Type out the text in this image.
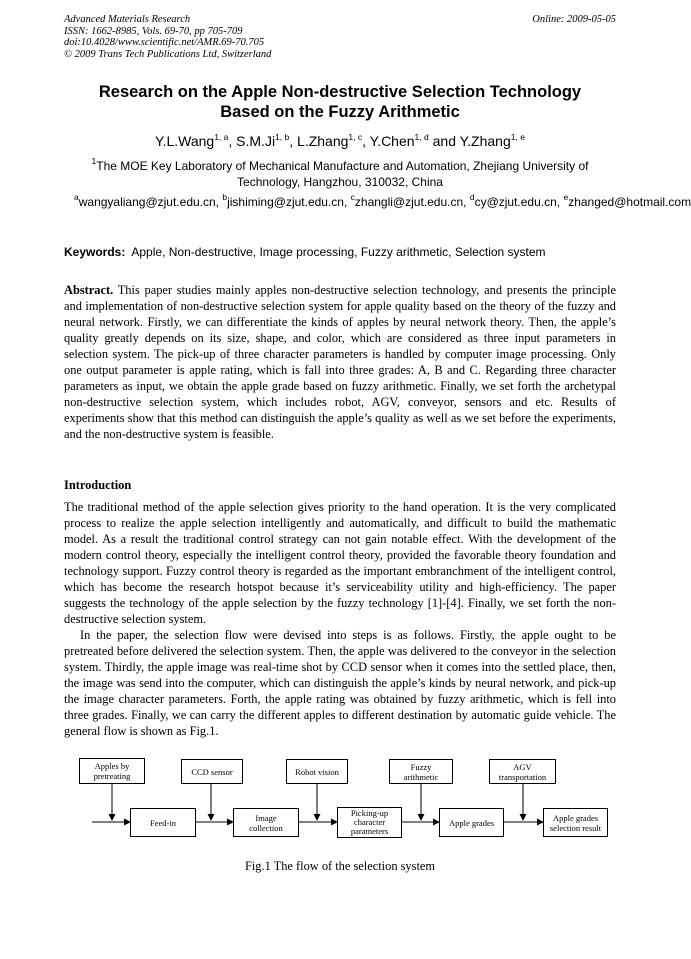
Advanced Materials Research
ISSN: 1662-8985, Vols. 69-70, pp 705-709
doi:10.4028/www.scientific.net/AMR.69-70.705
© 2009 Trans Tech Publications Ltd, Switzerland
Online: 2009-05-05
Research on the Apple Non-destructive Selection Technology
Based on the Fuzzy Arithmetic
Y.L.Wang$^{1, a}$, S.M.Ji$^{1, b}$, L.Zhang$^{1, c}$, Y.Chen$^{1, d}$ and Y.Zhang$^{1, e}$
$^1$The MOE Key Laboratory of Mechanical Manufacture and Automation, Zhejiang University of Technology, Hangzhou, 310032, China
$^a$wangyaliang@zjut.edu.cn, $^b$jishiming@zjut.edu.cn, $^c$zhangli@zjut.edu.cn, $^d$cy@zjut.edu.cn, $^e$zhanged@hotmail.com
Keywords: Apple, Non-destructive, Image processing, Fuzzy arithmetic, Selection system
Abstract. This paper studies mainly apples non-destructive selection technology, and presents the principle and implementation of non-destructive selection system for apple quality based on the theory of the fuzzy and neural network. Firstly, we can differentiate the kinds of apples by neural network theory. Then, the apple’s quality greatly depends on its size, shape, and color, which are considered as three input parameters in selection system. The pick-up of three character parameters is handled by computer image processing. Only one output parameter is apple rating, which is fall into three grades: A, B and C. Regarding three character parameters as input, we obtain the apple grade based on fuzzy arithmetic. Finally, we set forth the archetypal non-destructive selection system, which includes robot, AGV, conveyor, sensors and etc. Results of experiments show that this method can distinguish the apple’s quality as well as we set before the experiments, and the non-destructive system is feasible.
Introduction
The traditional method of the apple selection gives priority to the hand operation. It is the very complicated process to realize the apple selection intelligently and automatically, and difficult to build the mathematic model. As a result the traditional control strategy can not gain notable effect. With the development of the modern control theory, especially the intelligent control theory, provided the favorable theory foundation and technology support. Fuzzy control theory is regarded as the important embranchment of the intelligent control, which has become the research hotspot because it’s serviceability utility and high-efficiency. The paper suggests the technology of the apple selection by the fuzzy technology [1]-[4]. Finally, we set forth the non-destructive selection system.
In the paper, the selection flow were devised into steps is as follows. Firstly, the apple ought to be pretreated before delivered the selection system. Then, the apple was delivered to the conveyor in the selection system. Thirdly, the apple image was real-time shot by CCD sensor when it comes into the settled place, then, the image was send into the computer, which can distinguish the apple’s kinds by neural network, and pick-up the image character parameters. Forth, the apple rating was obtained by fuzzy arithmetic, which is fell into three grades. Finally, we can carry the different apples to different destination by automatic guide vehicle. The general flow is shown as Fig.1.
Apples by pretreating	CCD sensor	Robot vision	Fuzzy arithmetic
AGV transportation
Feed-in	Image collection
Picking-up character parameters
Apple grades	Apple grades selection result
Fig.1 The flow of the selection system
